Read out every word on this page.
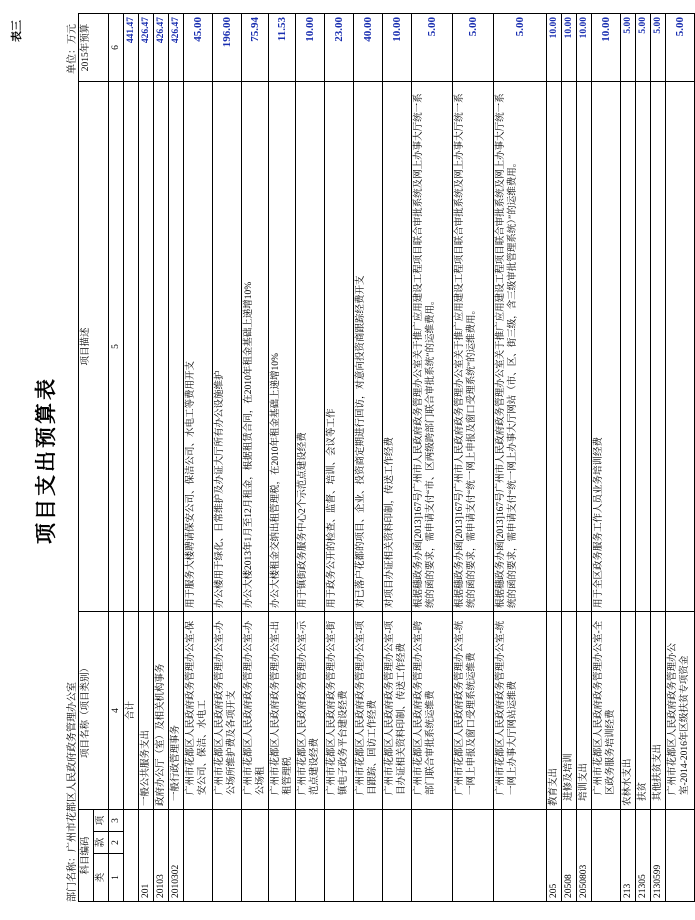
表三
项目支出预算表
部门名称：广州市花都区人民政府政务管理办公室
单位：万元
科目编码			项目名称（项目类别）	项目描述	2015年预算
类	款	项			
1	2	3	4	5	6
			合计		441.47
201			一般公共服务支出		426.47
20103			政府办公厅（室）及相关机构事务		426.47
2010302			一般行政管理事务		426.47
			广州市花都区人民政府政务管理办公室-保安公司、保洁、水电工	用于服务大楼聘请保安公司、保洁公司、水电工等费用开支	45.00
			广州市花都区人民政府政务管理办公室-办公场所维护费及各项开支	办公楼用于绿化、日常维护及办证大厅所有办公设施维护	196.00
			广州市花都区人民政府政务管理办公室-办公场租	办公大楼2013年1月至12月租金，根据租赁合同，在2010年租金基础上递增10%	75.94
			广州市花都区人民政府政务管理办公室-出租管理税	办公大楼租金交纳出租管理税，在2010年租金基础上递增10%	11.53
			广州市花都区人民政府政务管理办公室-示范点建设经费	用于镇街政务服务中心2个示范点建设经费	10.00
			广州市花都区人民政府政务管理办公室-街镇电子政务平台建设经费	用于政务公开的检查、监督、培训、会议等工作	23.00
			广州市花都区人民政府政务管理办公室-项目跟踪、回访工作经费	对已落户花都的项目、企业、投资商定期进行回访，对意向投资商跟踪经费开支	40.00
			广州市花都区人民政府政务管理办公室-项目办证相关资料印制、传送工作经费	对项目办证相关资料印制，传送工作经费	10.00
			广州市花都区人民政府政务管理办公室-跨部门联合审批系统运维费	根据穗政务办函[2013]167号广州市人民政府政务管理办公室关于推广应用建设工程项目联合审批系统及网上办事大厅统一系统的函的要求，需申请支付“市、区两级跨部门联合审批系统”的运维费用。	5.00
			广州市花都区人民政府政务管理办公室-统一网上申报及窗口受理系统运维费	根据穗政务办函[2013]167号广州市人民政府政务管理办公室关于推广应用建设工程项目联合审批系统及网上办事大厅统一系统的函的要求，需申请支付“统一网上申报及窗口受理系统”的运维费用。	5.00
			广州市花都区人民政府政务管理办公室-统一网上办事大厅网站运维费	根据穗政务办函[2013]167号广州市人民政府政务管理办公室关于推广应用建设工程项目联合审批系统及网上办事大厅统一系统的函的要求，需申请支付“统一网上办事大厅网站（市、区、街三级，含三级审批管理系统）”的运维费用。	5.00
205			教育支出		10.00
20508			进修及培训		10.00
2050803			培训支出		10.00
			广州市花都区人民政府政务管理办公室-全区政务服务培训经费	用于全区政务服务工作人员业务培训经费	10.00
213			农林水支出		5.00
21305			扶贫		5.00
2130599			其他扶贫支出		5.00
			广州市花都区人民政府政务管理办公室-2014-2016年区级扶贫专项资金		5.00
